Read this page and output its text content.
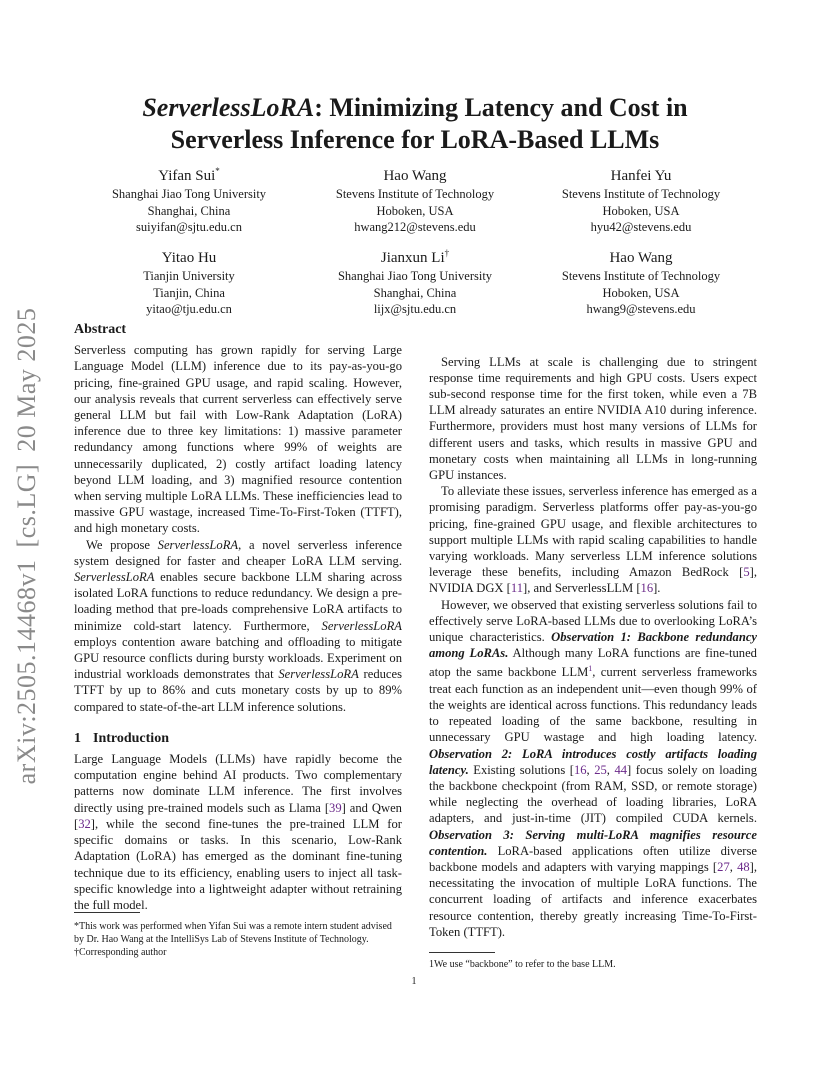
arXiv:2505.14468v1[cs.LG]20 May 2025
ServerlessLoRA: Minimizing Latency and Cost in
Serverless Inference for LoRA-Based LLMs
Yifan Sui*
Shanghai Jiao Tong University
Shanghai, China
suiyifan@sjtu.edu.cn
Hao Wang
Stevens Institute of Technology
Hoboken, USA
hwang212@stevens.edu
Hanfei Yu
Stevens Institute of Technology
Hoboken, USA
hyu42@stevens.edu
Yitao Hu
Tianjin University
Tianjin, China
yitao@tju.edu.cn
Jianxun Li†
Shanghai Jiao Tong University
Shanghai, China
lijx@sjtu.edu.cn
Hao Wang
Stevens Institute of Technology
Hoboken, USA
hwang9@stevens.edu
Abstract

Serverless computing has grown rapidly for serving Large Language Model (LLM) inference due to its pay-as-you-go pricing, fine-grained GPU usage, and rapid scaling. However, our analysis reveals that current serverless can effectively serve general LLM but fail with Low-Rank Adaptation (LoRA) inference due to three key limitations: 1) massive parameter redundancy among functions where 99% of weights are unnecessarily duplicated, 2) costly artifact loading latency beyond LLM loading, and 3) magnified resource contention when serving multiple LoRA LLMs. These inefficiencies lead to massive GPU wastage, increased Time-To-First-Token (TTFT), and high monetary costs.

We propose ServerlessLoRA, a novel serverless inference system designed for faster and cheaper LoRA LLM serving. ServerlessLoRA enables secure backbone LLM sharing across isolated LoRA functions to reduce redundancy. We design a pre-loading method that pre-loads comprehensive LoRA artifacts to minimize cold-start latency. Furthermore, ServerlessLoRA employs contention aware batching and offloading to mitigate GPU resource conflicts during bursty workloads. Experiment on industrial workloads demonstrates that ServerlessLoRA reduces TTFT by up to 86% and cuts monetary costs by up to 89% compared to state-of-the-art LLM inference solutions.

1 Introduction

Large Language Models (LLMs) have rapidly become the computation engine behind AI products. Two complementary patterns now dominate LLM inference. The first involves directly using pre-trained models such as Llama [39] and Qwen [32], while the second fine-tunes the pre-trained LLM for specific domains or tasks. In this scenario, Low-Rank Adaptation (LoRA) has emerged as the dominant fine-tuning technique due to its efficiency, enabling users to inject all task-specific knowledge into a lightweight adapter without retraining the full model.

Serving LLMs at scale is challenging due to stringent response time requirements and high GPU costs. Users expect sub-second response time for the first token, while even a 7B LLM already saturates an entire NVIDIA A10 during inference. Furthermore, providers must host many versions of LLMs for different users and tasks, which results in massive GPU and monetary costs when maintaining all LLMs in long-running GPU instances.

To alleviate these issues, serverless inference has emerged as a promising paradigm. Serverless platforms offer pay-as-you-go pricing, fine-grained GPU usage, and flexible architectures to support multiple LLMs with rapid scaling capabilities to handle varying workloads. Many serverless LLM inference solutions leverage these benefits, including Amazon BedRock [5], NVIDIA DGX [11], and ServerlessLLM [16].

However, we observed that existing serverless solutions fail to effectively serve LoRA-based LLMs due to overlooking LoRA’s unique characteristics. Observation 1: Backbone redundancy among LoRAs. Although many LoRA functions are fine-tuned atop the same backbone LLM$^1$, current serverless frameworks treat each function as an independent unit—even though 99% of the weights are identical across functions. This redundancy leads to repeated loading of the same backbone, resulting in unnecessary GPU wastage and high loading latency. Observation 2: LoRA introduces costly artifacts loading latency. Existing solutions [16, 25, 44] focus solely on loading the backbone checkpoint (from RAM, SSD, or remote storage) while neglecting the overhead of loading libraries, LoRA adapters, and just-in-time (JIT) compiled CUDA kernels. Observation 3: Serving multi-LoRA magnifies resource contention. LoRA-based applications often utilize diverse backbone models and adapters with varying mappings [27, 48], necessitating the invocation of multiple LoRA functions. The concurrent loading of artifacts and inference exacerbates resource contention, thereby greatly increasing Time-To-First-Token (TTFT).

*This work was performed when Yifan Sui was a remote intern student advised by Dr. Hao Wang at the IntelliSys Lab of Stevens Institute of Technology.

†Corresponding author

1We use “backbone” to refer to the base LLM.

1
